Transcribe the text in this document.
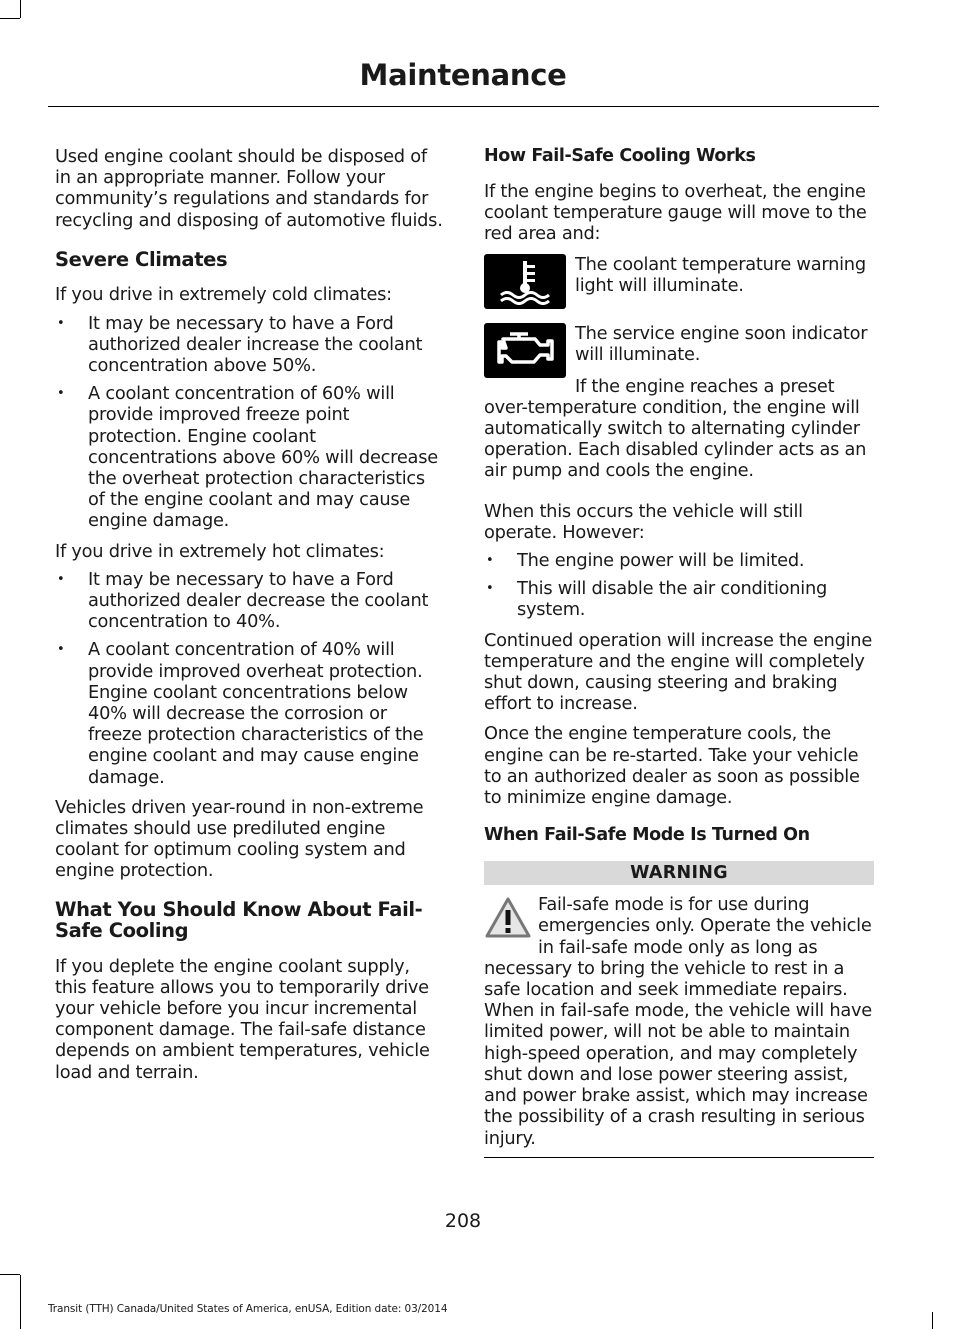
Maintenance

Used engine coolant should be disposed of in an appropriate manner. Follow your community’s regulations and standards for recycling and disposing of automotive fluids.

Severe Climates

If you drive in extremely cold climates:

• It may be necessary to have a Ford authorized dealer increase the coolant concentration above 50%.
• A coolant concentration of 60% will provide improved freeze point protection. Engine coolant concentrations above 60% will decrease the overheat protection characteristics of the engine coolant and may cause engine damage.

If you drive in extremely hot climates:

• It may be necessary to have a Ford authorized dealer decrease the coolant concentration to 40%.
• A coolant concentration of 40% will provide improved overheat protection. Engine coolant concentrations below 40% will decrease the corrosion or freeze protection characteristics of the engine coolant and may cause engine damage.

Vehicles driven year-round in non-extreme climates should use prediluted engine coolant for optimum cooling system and engine protection.

What You Should Know About Fail-Safe Cooling

If you deplete the engine coolant supply, this feature allows you to temporarily drive your vehicle before you incur incremental component damage. The fail-safe distance depends on ambient temperatures, vehicle load and terrain.

How Fail-Safe Cooling Works

If the engine begins to overheat, the engine coolant temperature gauge will move to the red area and:

The coolant temperature warning light will illuminate.

The service engine soon indicator will illuminate.

If the engine reaches a preset over-temperature condition, the engine will automatically switch to alternating cylinder operation. Each disabled cylinder acts as an air pump and cools the engine.

When this occurs the vehicle will still operate. However:

• The engine power will be limited.
• This will disable the air conditioning system.

Continued operation will increase the engine temperature and the engine will completely shut down, causing steering and braking effort to increase.

Once the engine temperature cools, the engine can be re-started. Take your vehicle to an authorized dealer as soon as possible to minimize engine damage.

When Fail-Safe Mode Is Turned On
WARNING

Fail-safe mode is for use during emergencies only. Operate the vehicle in fail-safe mode only as long as necessary to bring the vehicle to rest in a safe location and seek immediate repairs. When in fail-safe mode, the vehicle will have limited power, will not be able to maintain high-speed operation, and may completely shut down and lose power steering assist, and power brake assist, which may increase the possibility of a crash resulting in serious injury.

208
Transit (TTH) Canada/United States of America, enUSA, Edition date: 03/2014
